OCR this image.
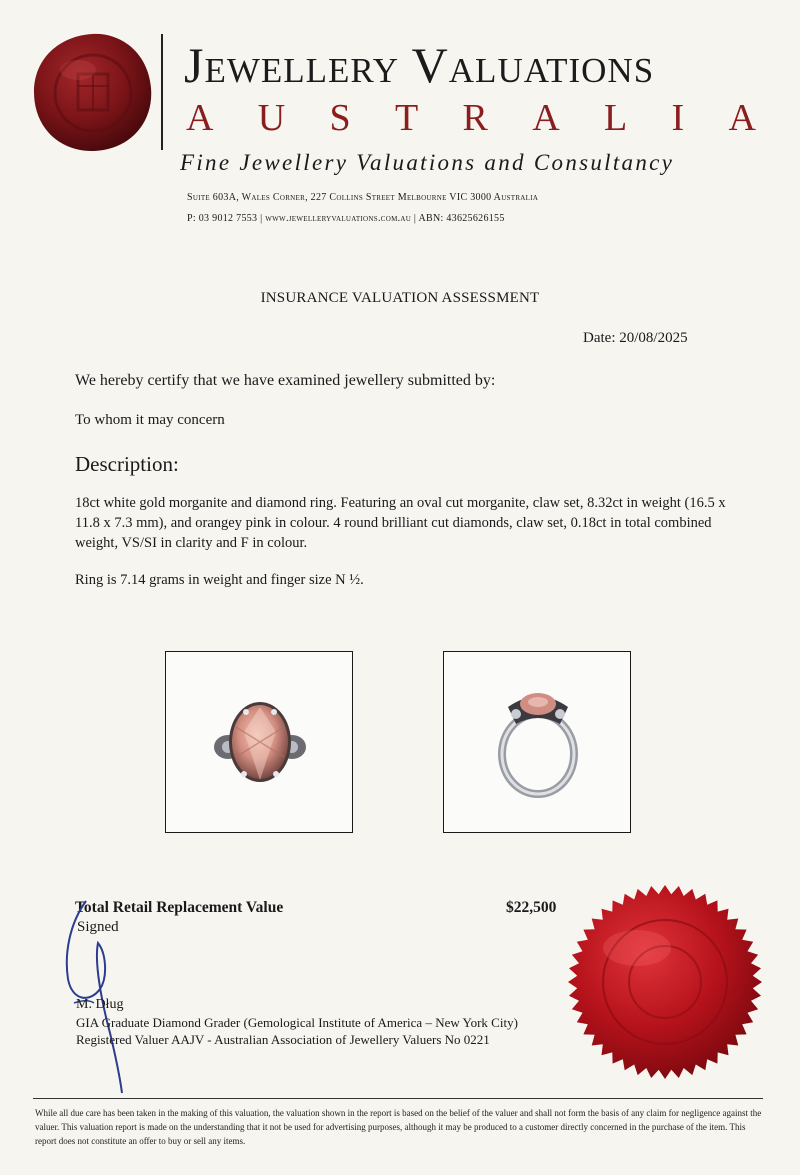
Jewellery Valuations
A U S T R A L I A
Fine Jewellery Valuations and Consultancy
Suite 603A, Wales Corner, 227 Collins Street Melbourne VIC 3000 Australia
P: 03 9012 7553 | www.jewelleryvaluations.com.au | ABN: 43625626155
INSURANCE VALUATION ASSESSMENT
Date: 20/08/2025
We hereby certify that we have examined jewellery submitted by:
To whom it may concern
Description:
18ct white gold morganite and diamond ring. Featuring an oval cut morganite, claw set, 8.32ct in weight (16.5 x 11.8 x 7.3 mm), and orangey pink in colour. 4 round brilliant cut diamonds, claw set, 0.18ct in total combined weight, VS/SI in clarity and F in colour.
Ring is 7.14 grams in weight and finger size N ½.
Total Retail Replacement Value	$22,500
Signed
M. Dług
GIA Graduate Diamond Grader (Gemological Institute of America – New York City)
Registered Valuer AAJV - Australian Association of Jewellery Valuers No 0221
While all due care has been taken in the making of this valuation, the valuation shown in the report is based on the belief of the valuer and shall not form the basis of any claim for negligence against the valuer. This valuation report is made on the understanding that it not be used for advertising purposes, although it may be produced to a customer directly concerned in the purchase of the item. This report does not constitute an offer to buy or sell any items.
